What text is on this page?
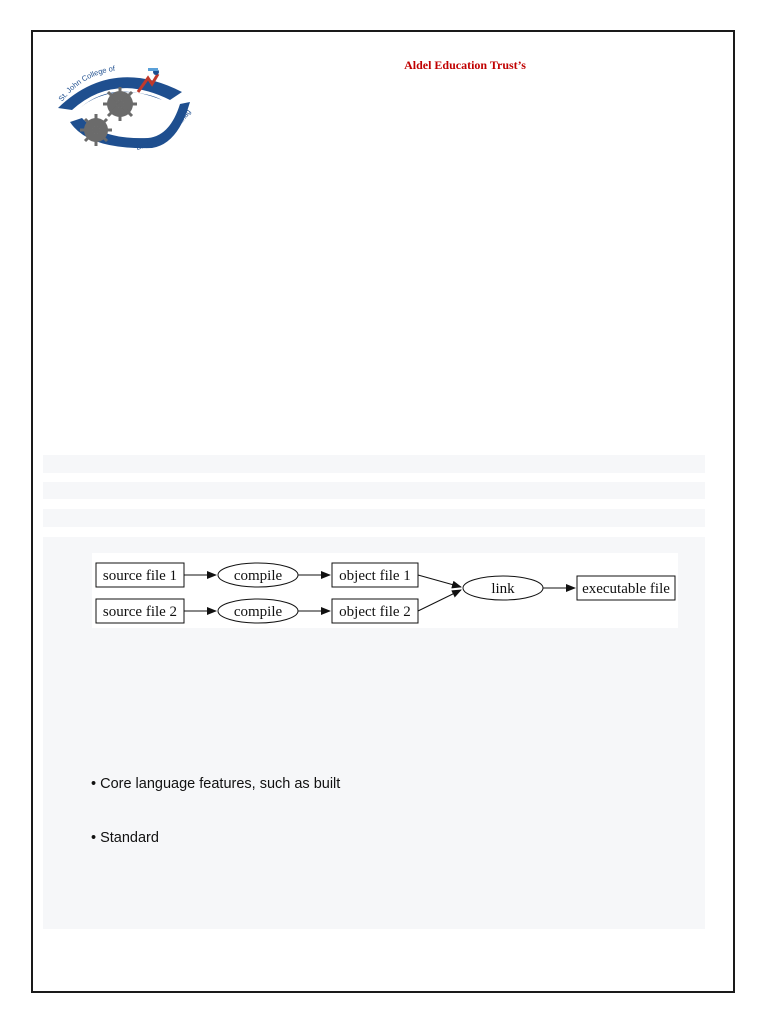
St. John College of
Engineering & Manag
Aldel Education Trust’s
source file 1
source file 2
compile
compile
object file 1
object file 2
link	executable file
• Core language features, such as built
• Standard
